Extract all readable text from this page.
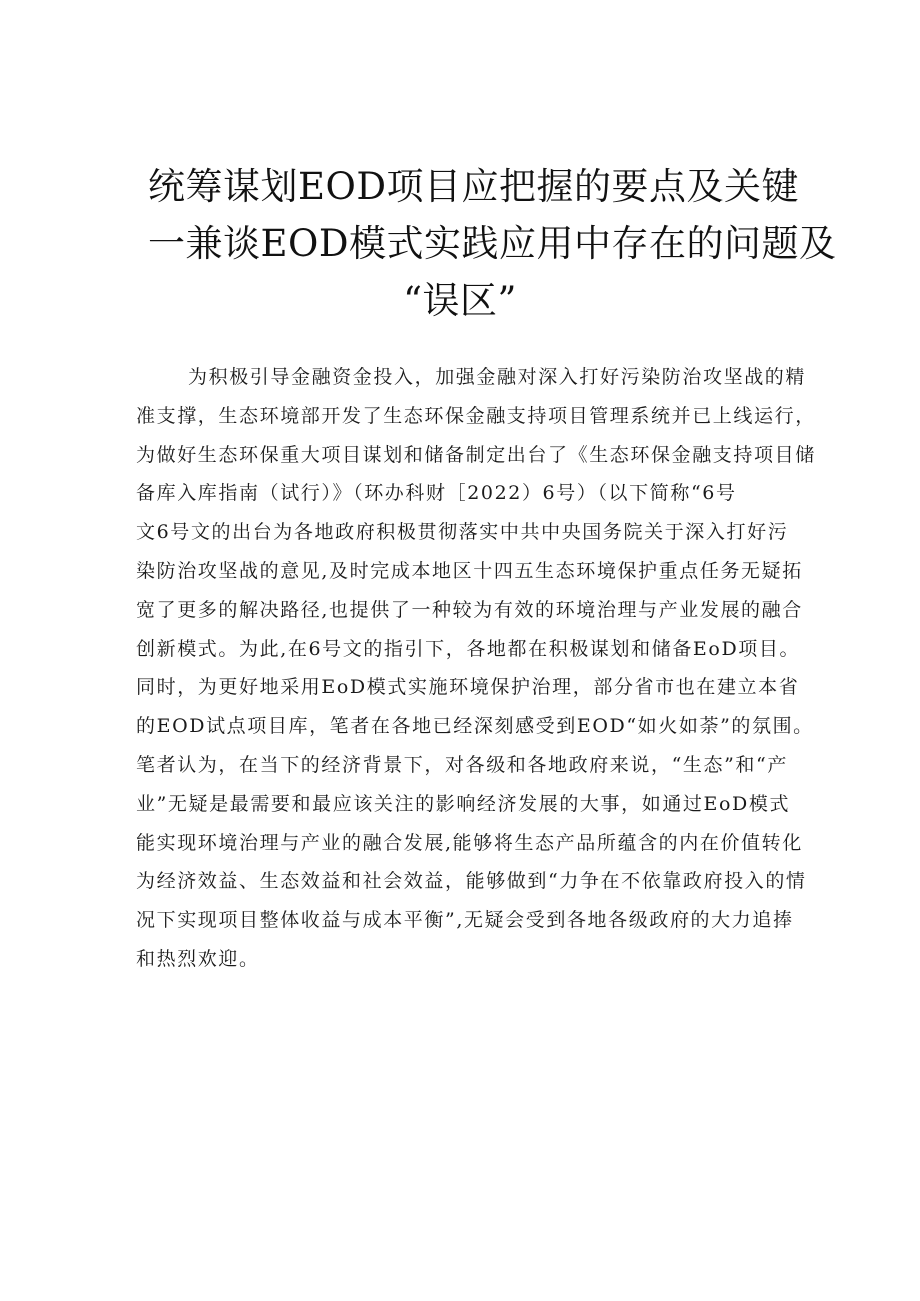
统筹谋划EOD项目应把握的要点及关键
一兼谈EOD模式实践应用中存在的问题及
“误区”
为积极引导金融资金投入，加强金融对深入打好污染防治攻坚战的精
准支撑，生态环境部开发了生态环保金融支持项目管理系统并已上线运行，
为做好生态环保重大项目谋划和储备制定出台了《生态环保金融支持项目储
备库入库指南（试行）》（环办科财［2022）6号）（以下简称“6号
文6号文的出台为各地政府积极贯彻落实中共中央国务院关于深入打好污
染防治攻坚战的意见,及时完成本地区十四五生态环境保护重点任务无疑拓
宽了更多的解决路径,也提供了一种较为有效的环境治理与产业发展的融合
创新模式。为此,在6号文的指引下，各地都在积极谋划和储备EoD项目。
同时，为更好地采用EoD模式实施环境保护治理，部分省市也在建立本省
的EOD试点项目库，笔者在各地已经深刻感受到EOD“如火如荼”的氛围。
笔者认为，在当下的经济背景下，对各级和各地政府来说，“生态”和“产
业”无疑是最需要和最应该关注的影响经济发展的大事，如通过EoD模式
能实现环境治理与产业的融合发展,能够将生态产品所蕴含的内在价值转化
为经济效益、生态效益和社会效益，能够做到“力争在不依靠政府投入的情
况下实现项目整体收益与成本平衡”,无疑会受到各地各级政府的大力追捧
和热烈欢迎。
